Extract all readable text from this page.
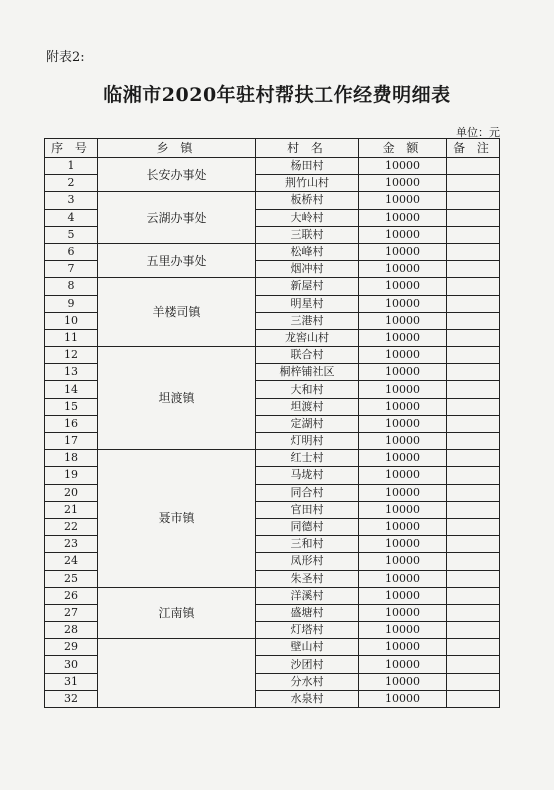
附表2:
临湘市2020年驻村帮扶工作经费明细表
单位：元
序 号	乡 镇	村 名	金 额	备 注
1	长安办事处	杨田村	10000	
2		荆竹山村	10000	
3	云湖办事处	板桥村	10000	
4		大岭村	10000	
5		三联村	10000	
6	五里办事处	松峰村	10000	
7		烟冲村	10000	
8	羊楼司镇	新屋村	10000	
9		明星村	10000	
10		三港村	10000	
11		龙窖山村	10000	
12	坦渡镇	联合村	10000	
13		桐梓铺社区	10000	
14		大和村	10000	
15		坦渡村	10000	
16		定湖村	10000	
17		灯明村	10000	
18	聂市镇	红士村	10000	
19		马垅村	10000	
20		同合村	10000	
21		官田村	10000	
22		同德村	10000	
23		三和村	10000	
24		凤形村	10000	
25		朱圣村	10000	
26	江南镇	洋溪村	10000	
27		盛塘村	10000	
28		灯塔村	10000	
29		壁山村	10000	
30		沙团村	10000	
31		分水村	10000	
32		水泉村	10000	
